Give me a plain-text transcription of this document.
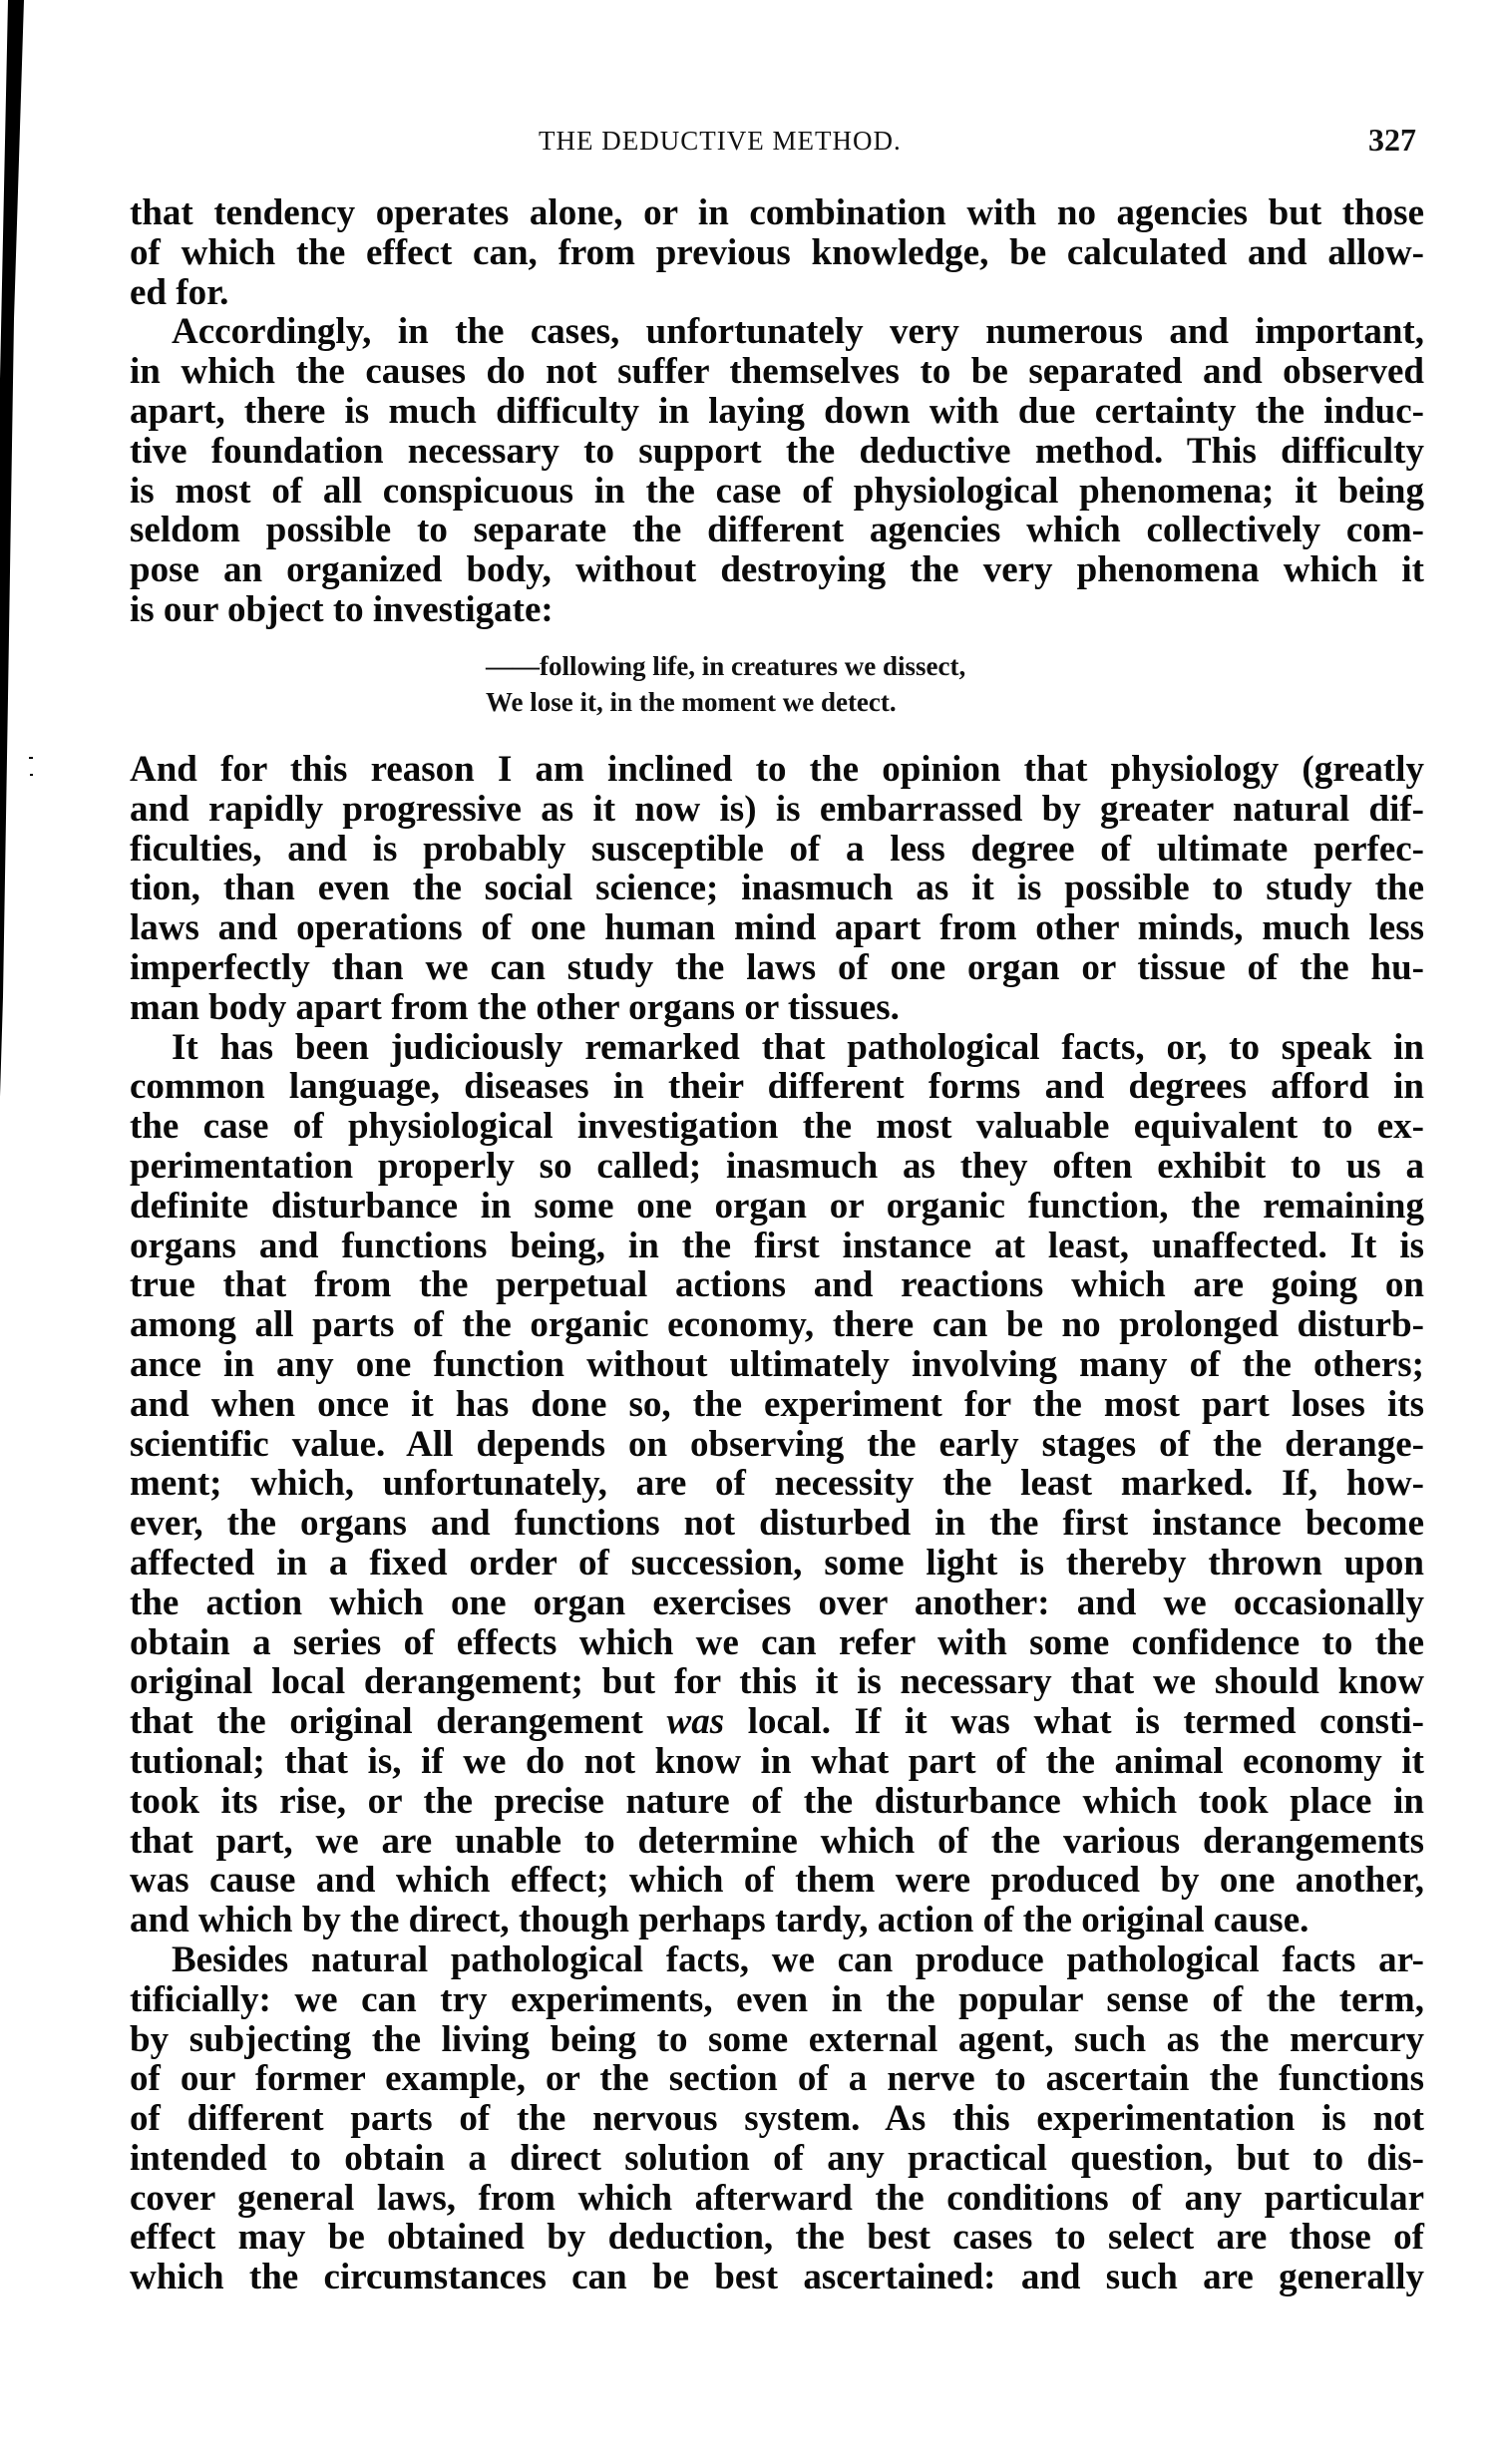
THE DEDUCTIVE METHOD.	327
that tendency operates alone, or in combination with no agencies but those
of which the effect can, from previous knowledge, be calculated and allow-
ed for.
Accordingly, in the cases, unfortunately very numerous and important,
in which the causes do not suffer themselves to be separated and observed
apart, there is much difficulty in laying down with due certainty the induc-
tive foundation necessary to support the deductive method. This difficulty
is most of all conspicuous in the case of physiological phenomena; it being
seldom possible to separate the different agencies which collectively com-
pose an organized body, without destroying the very phenomena which it
is our object to investigate:
——following life, in creatures we dissect,
We lose it, in the moment we detect.
And for this reason I am inclined to the opinion that physiology (greatly
and rapidly progressive as it now is) is embarrassed by greater natural dif-
ficulties, and is probably susceptible of a less degree of ultimate perfec-
tion, than even the social science; inasmuch as it is possible to study the
laws and operations of one human mind apart from other minds, much less
imperfectly than we can study the laws of one organ or tissue of the hu-
man body apart from the other organs or tissues.
It has been judiciously remarked that pathological facts, or, to speak in
common language, diseases in their different forms and degrees afford in
the case of physiological investigation the most valuable equivalent to ex-
perimentation properly so called; inasmuch as they often exhibit to us a
definite disturbance in some one organ or organic function, the remaining
organs and functions being, in the first instance at least, unaffected. It is
true that from the perpetual actions and reactions which are going on
among all parts of the organic economy, there can be no prolonged disturb-
ance in any one function without ultimately involving many of the others;
and when once it has done so, the experiment for the most part loses its
scientific value. All depends on observing the early stages of the derange-
ment; which, unfortunately, are of necessity the least marked. If, how-
ever, the organs and functions not disturbed in the first instance become
affected in a fixed order of succession, some light is thereby thrown upon
the action which one organ exercises over another: and we occasionally
obtain a series of effects which we can refer with some confidence to the
original local derangement; but for this it is necessary that we should know
that the original derangement was local. If it was what is termed consti-
tutional; that is, if we do not know in what part of the animal economy it
took its rise, or the precise nature of the disturbance which took place in
that part, we are unable to determine which of the various derangements
was cause and which effect; which of them were produced by one another,
and which by the direct, though perhaps tardy, action of the original cause.
Besides natural pathological facts, we can produce pathological facts ar-
tificially: we can try experiments, even in the popular sense of the term,
by subjecting the living being to some external agent, such as the mercury
of our former example, or the section of a nerve to ascertain the functions
of different parts of the nervous system. As this experimentation is not
intended to obtain a direct solution of any practical question, but to dis-
cover general laws, from which afterward the conditions of any particular
effect may be obtained by deduction, the best cases to select are those of
which the circumstances can be best ascertained: and such are generally
